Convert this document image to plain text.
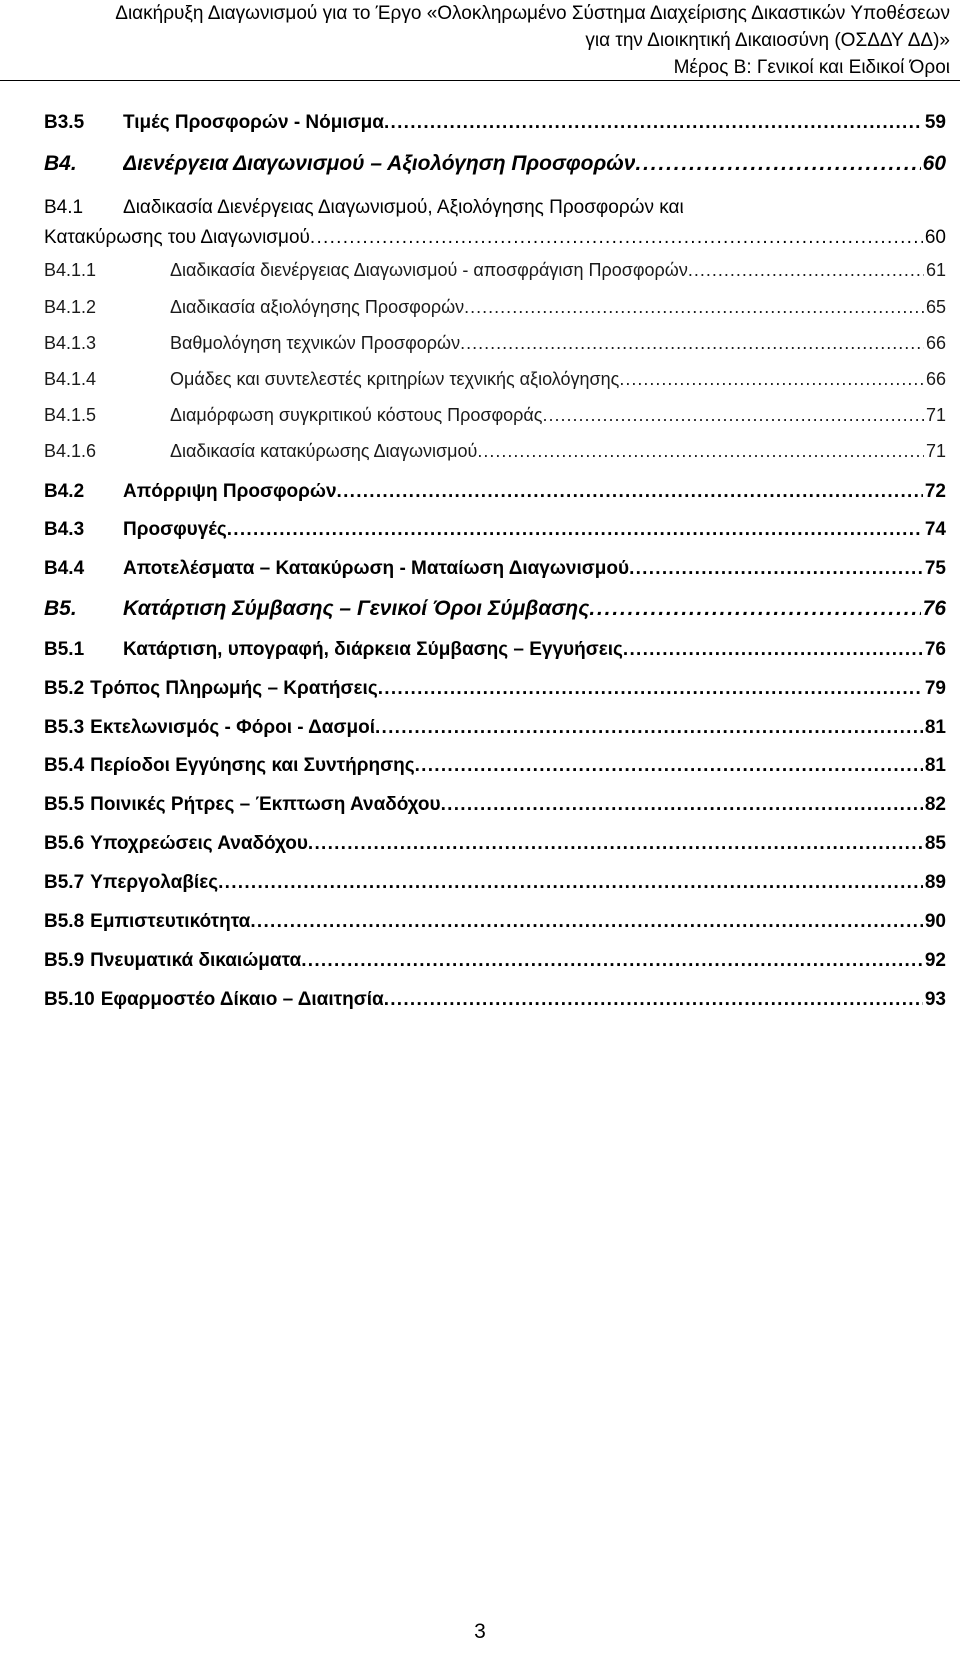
Διακήρυξη Διαγωνισμού για το Έργο «Ολοκληρωμένο Σύστημα Διαχείρισης Δικαστικών Υποθέσεων
για την Διοικητική Δικαιοσύνη (ΟΣΔΔΥ ΔΔ)»
Μέρος Β: Γενικοί και Ειδικοί Όροι
Β3.5	Τιμές Προσφορών - Νόμισμα . . .	59
Β4.	Διενέργεια Διαγωνισμού – Αξιολόγηση Προσφορών . . .	60
Β4.1 Διαδικασία Διενέργειας Διαγωνισμού, Αξιολόγησης Προσφορών και
Κατακύρωσης του Διαγωνισμού . . .	60
Β4.1.1	Διαδικασία διενέργειας Διαγωνισμού - αποσφράγιση Προσφορών . . .	61
Β4.1.2	Διαδικασία αξιολόγησης Προσφορών . . .	65
Β4.1.3	Βαθμολόγηση τεχνικών Προσφορών . . .	66
Β4.1.4	Ομάδες και συντελεστές κριτηρίων τεχνικής αξιολόγησης . . .	66
Β4.1.5	Διαμόρφωση συγκριτικού κόστους Προσφοράς . . .	71
Β4.1.6	Διαδικασία κατακύρωσης Διαγωνισμού . . .	71
Β4.2	Απόρριψη Προσφορών . . .	72
Β4.3	Προσφυγές . . .	74
Β4.4	Αποτελέσματα – Κατακύρωση - Ματαίωση Διαγωνισμού . . .	75
Β5.	Κατάρτιση Σύμβασης – Γενικοί Όροι Σύμβασης . . .	76
Β5.1	Κατάρτιση, υπογραφή, διάρκεια Σύμβασης – Εγγυήσεις . . .	76
Β5.2 Τρόπος Πληρωμής – Κρατήσεις . . .	79
Β5.3 Εκτελωνισμός - Φόροι - Δασμοί . . .	81
Β5.4 Περίοδοι Εγγύησης και Συντήρησης . . .	81
Β5.5 Ποινικές Ρήτρες – Έκπτωση Αναδόχου . . .	82
Β5.6 Υποχρεώσεις Αναδόχου . . .	85
Β5.7 Υπεργολαβίες . . .	89
Β5.8 Εμπιστευτικότητα . . .	90
Β5.9 Πνευματικά δικαιώματα . . .	92
Β5.10 Εφαρμοστέο Δίκαιο – Διαιτησία . . .	93
3
